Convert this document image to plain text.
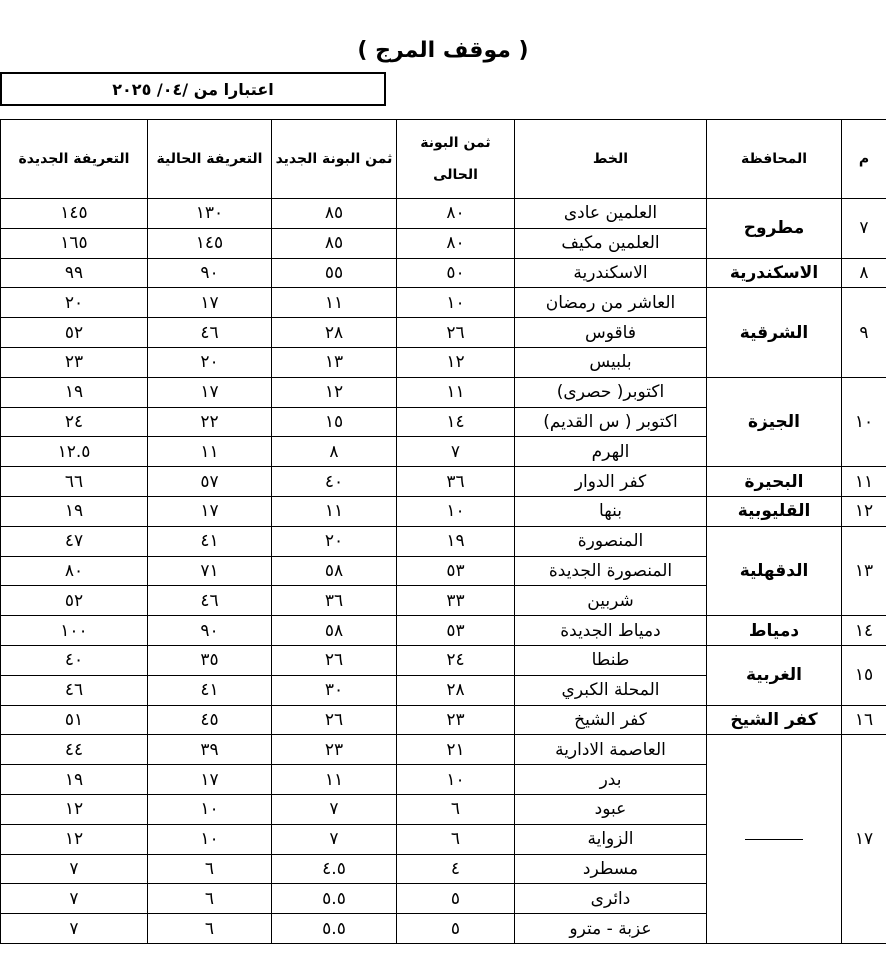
( موقف المرج )
اعتبارا من /٠٤/ ٢٠٢٥
م	المحافظة	الخط	ثمن البونة الحالى	ثمن البونة الجديد	التعريفة الحالية	التعريفة الجديدة
٧	مطروح	العلمين عادى	٨٠	٨٥	١٣٠	١٤٥
		العلمين مكيف	٨٠	٨٥	١٤٥	١٦٥
٨	الاسكندرية	الاسكندرية	٥٠	٥٥	٩٠	٩٩
٩	الشرقية	العاشر من رمضان	١٠	١١	١٧	٢٠
		فاقوس	٢٦	٢٨	٤٦	٥٢
		بلبيس	١٢	١٣	٢٠	٢٣
١٠	الجيزة	اكتوبر( حصرى)	١١	١٢	١٧	١٩
		اكتوبر ( س القديم)	١٤	١٥	٢٢	٢٤
		الهرم	٧	٨	١١	١٢.٥
١١	البحيرة	كفر الدوار	٣٦	٤٠	٥٧	٦٦
١٢	القليوبية	بنها	١٠	١١	١٧	١٩
١٣	الدقهلية	المنصورة	١٩	٢٠	٤١	٤٧
		المنصورة الجديدة	٥٣	٥٨	٧١	٨٠
		شربين	٣٣	٣٦	٤٦	٥٢
١٤	دمياط	دمياط الجديدة	٥٣	٥٨	٩٠	١٠٠
١٥	الغربية	طنطا	٢٤	٢٦	٣٥	٤٠
		المحلة الكبري	٢٨	٣٠	٤١	٤٦
١٦	كفر الشيخ	كفر الشيخ	٢٣	٢٦	٤٥	٥١
١٧		العاصمة الادارية	٢١	٢٣	٣٩	٤٤
		بدر	١٠	١١	١٧	١٩
		عبود	٦	٧	١٠	١٢
		الزواية	٦	٧	١٠	١٢
		مسطرد	٤	٤.٥	٦	٧
		دائرى	٥	٥.٥	٦	٧
		عزبة - مترو	٥	٥.٥	٦	٧
